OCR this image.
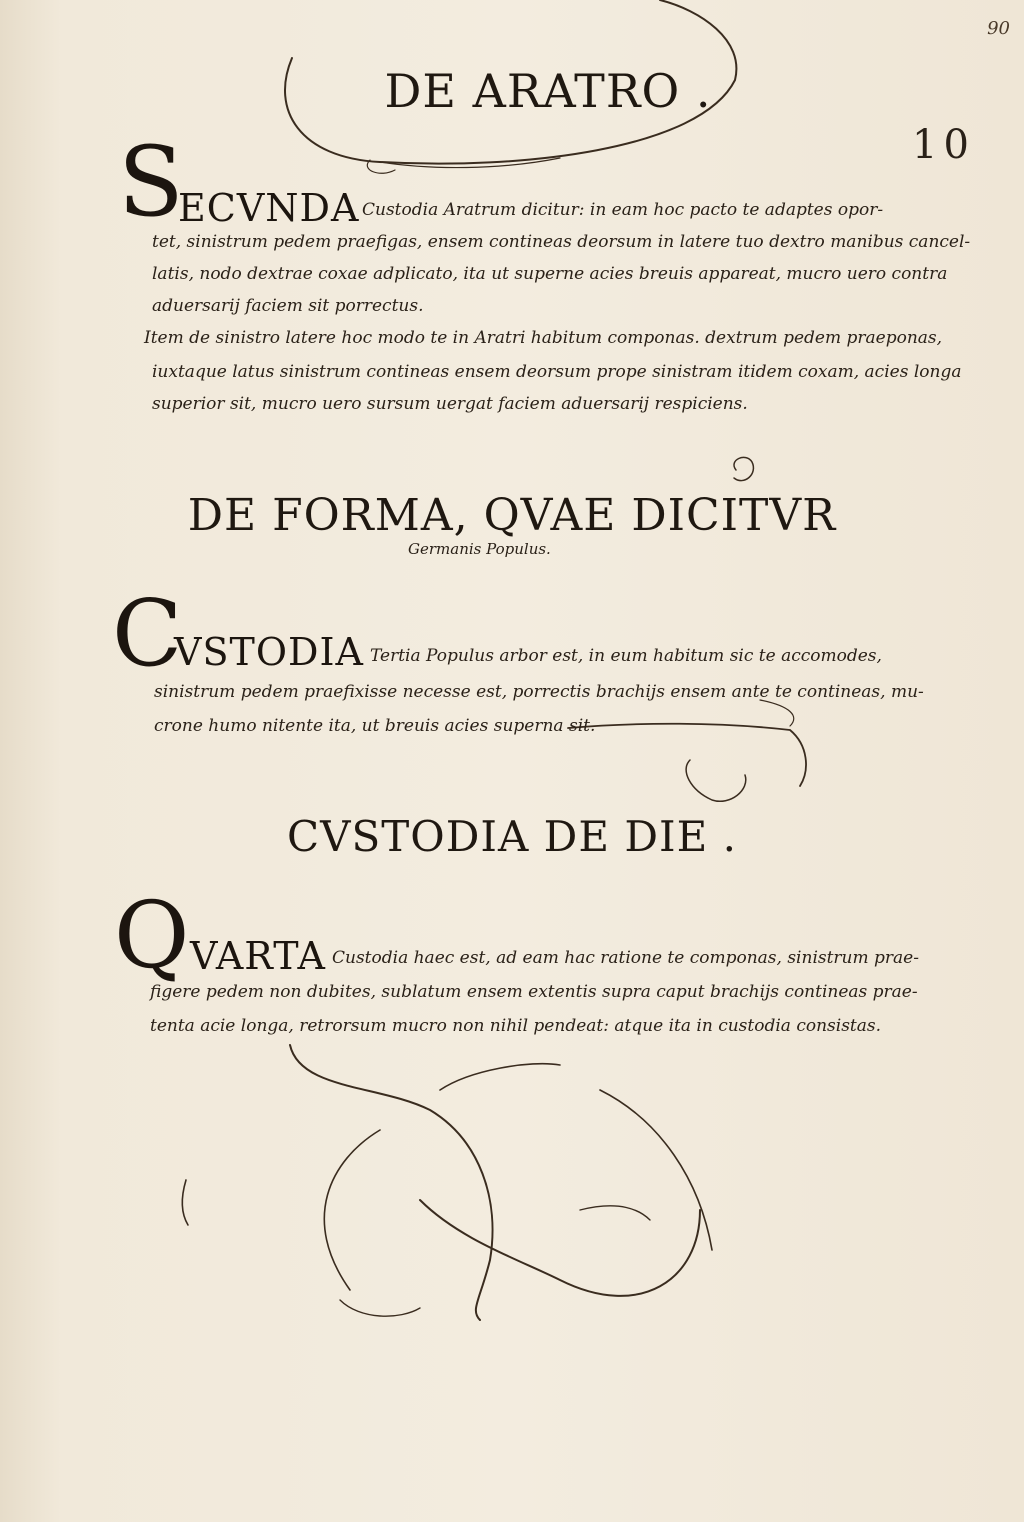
90
10
DE ARATRO .
S
ECVNDA Custodia Aratrum dicitur: in eam hoc pacto te adaptes opor-
tet, sinistrum pedem praefigas, ensem contineas deorsum in latere tuo dextro manibus cancel-
latis, nodo dextrae coxae adplicato, ita ut superne acies breuis appareat, mucro uero contra
aduersarij faciem sit porrectus.
Item de sinistro latere hoc modo te in Aratri habitum componas. dextrum pedem praeponas,
iuxtaque latus sinistrum contineas ensem deorsum prope sinistram itidem coxam, acies longa
superior sit, mucro uero sursum uergat faciem aduersarij respiciens.
DE FORMA, QVAE DICITVR
Germanis Populus.
C
VSTODIA Tertia Populus arbor est, in eum habitum sic te accomodes,
sinistrum pedem praefixisse necesse est, porrectis brachijs ensem ante te contineas, mu-
crone humo nitente ita, ut breuis acies superna sit.
CVSTODIA DE DIE .
Q VARTA Custodia haec est, ad eam hac ratione te componas, sinistrum prae-
figere pedem non dubites, sublatum ensem extentis supra caput brachijs contineas prae-
tenta acie longa, retrorsum mucro non nihil pendeat: atque ita in custodia consistas.
